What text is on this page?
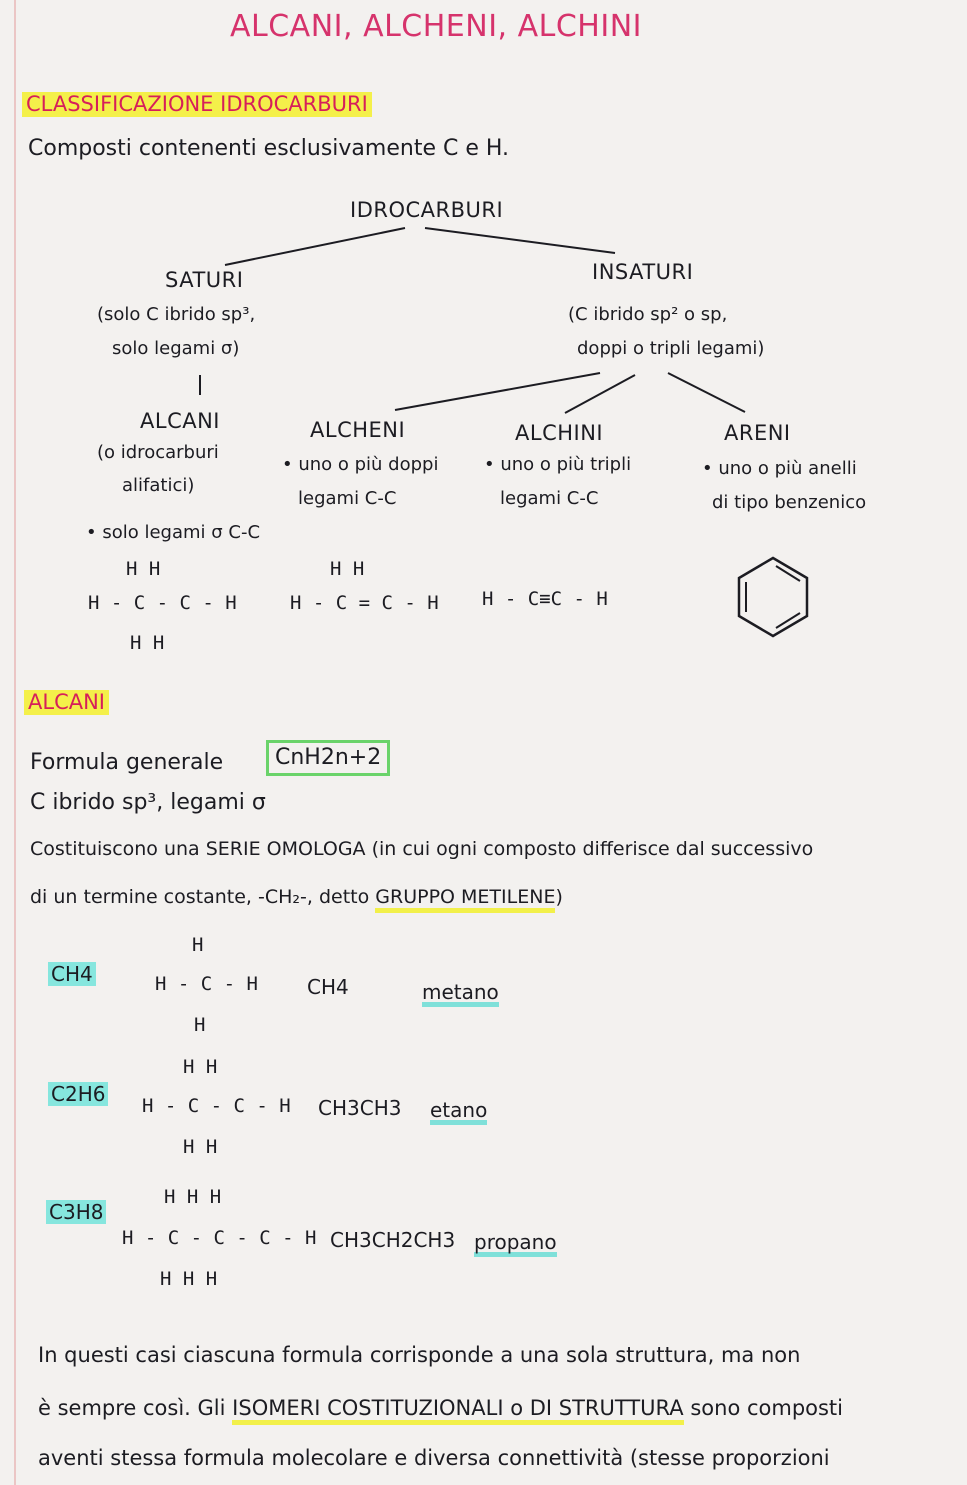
ALCANI, ALCHENI, ALCHINI
CLASSIFICAZIONE IDROCARBURI
Composti contenenti esclusivamente C e H.
IDROCARBURI
SATURI
(solo C ibrido sp³,
solo legami σ)
INSATURI
(C ibrido sp² o sp,
doppi o tripli legami)
ALCANI
(o idrocarburi
alifatici)
• solo legami σ C-C
ALCHENI
• uno o più doppi
legami C-C
ALCHINI
• uno o più tripli
legami C-C
ARENI
• uno o più anelli
di tipo benzenico
H H
H - C - C - H
H H
H H
H - C = C - H H - C≡C - H
ALCANI
Formula generale	CnH2n+2
C ibrido sp³, legami σ
Costituiscono una SERIE OMOLOGA (in cui ogni composto differisce dal successivo
di un termine costante, -CH₂-, detto GRUPPO METILENE)
CH4
H
H - C - H
H
CH4	metano
C2H6
H H
H - C - C - H
H H
CH3CH3 etano
C3H8
H H H
H - C - C - C - H
H H H
CH3CH2CH3 propano
In questi casi ciascuna formula corrisponde a una sola struttura, ma non
è sempre così. Gli ISOMERI COSTITUZIONALI o DI STRUTTURA sono composti
aventi stessa formula molecolare e diversa connettività (stesse proporzioni
